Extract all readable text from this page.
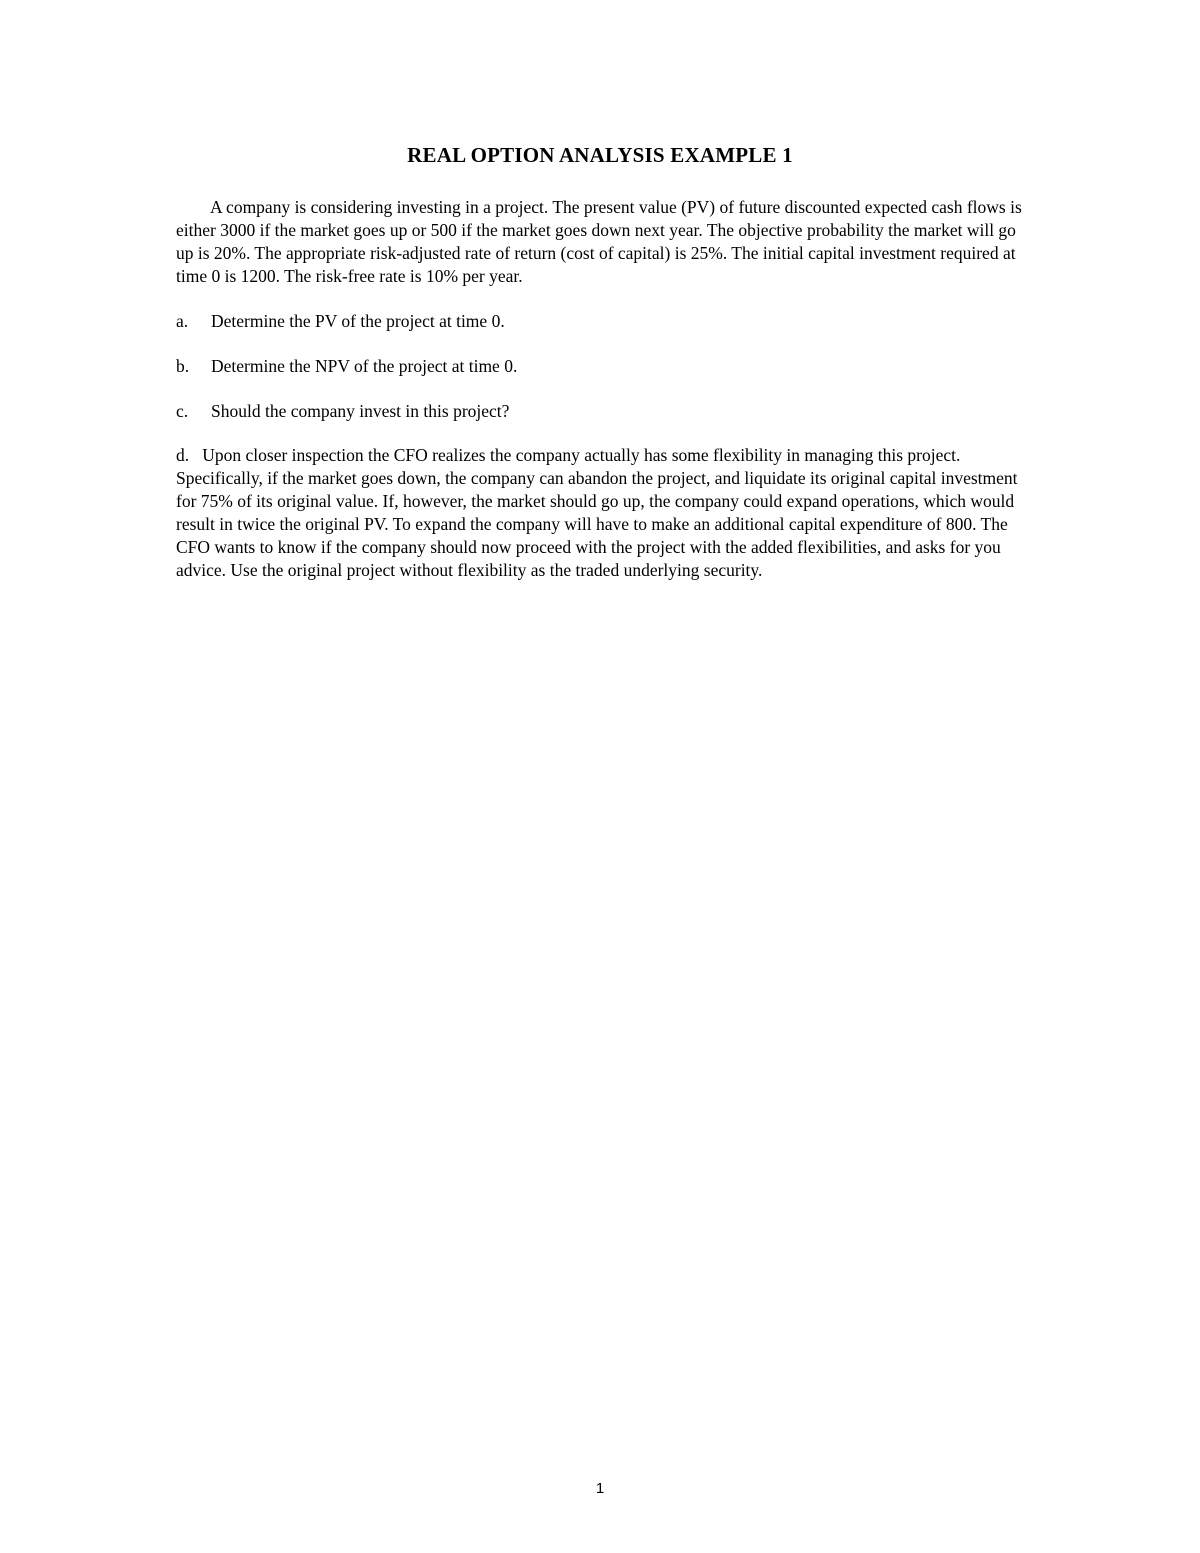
REAL OPTION ANALYSIS EXAMPLE 1
A company is considering investing in a project. The present value (PV) of future discounted expected cash flows is either 3000 if the market goes up or 500 if the market goes down next year. The objective probability the market will go up is 20%. The appropriate risk-adjusted rate of return (cost of capital) is 25%. The initial capital investment required at time 0 is 1200. The risk-free rate is 10% per year.
a.	Determine the PV of the project at time 0.
b.	Determine the NPV of the project at time 0.
c.	Should the company invest in this project?
d. Upon closer inspection the CFO realizes the company actually has some flexibility in managing this project. Specifically, if the market goes down, the company can abandon the project, and liquidate its original capital investment for 75% of its original value. If, however, the market should go up, the company could expand operations, which would result in twice the original PV. To expand the company will have to make an additional capital expenditure of 800. The CFO wants to know if the company should now proceed with the project with the added flexibilities, and asks for you advice. Use the original project without flexibility as the traded underlying security.
1
